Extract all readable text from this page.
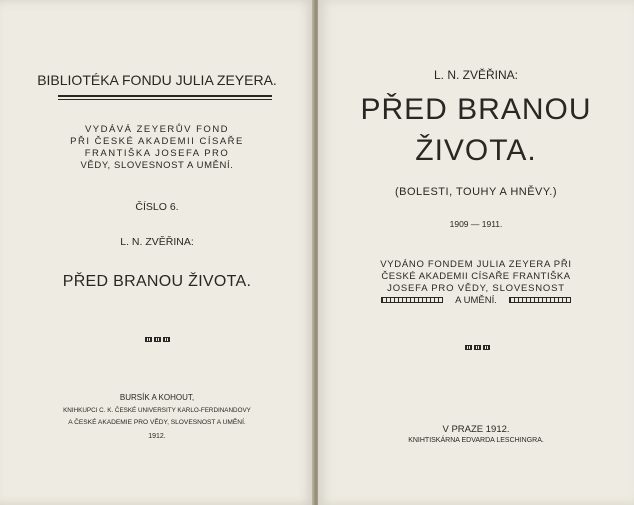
BIBLIOTÉKA FONDU JULIA ZEYERA.
VYDÁVÁ ZEYERŮV FOND
PŘI ČESKÉ AKADEMII CÍSAŘE
FRANTIŠKA JOSEFA PRO
VĚDY, SLOVESNOST A UMĚNÍ.
ČÍSLO 6.
L. N. ZVĚŘINA:
PŘED BRANOU ŽIVOTA.
BURSÍK A KOHOUT,
KNIHKUPCI C. K. ČESKÉ UNIVERSITY KARLO-FERDINANDOVY
A ČESKÉ AKADEMIE PRO VĚDY, SLOVESNOST A UMĚNÍ.
1912.
L. N. ZVĚŘINA:
PŘED BRANOU
ŽIVOTA.
(BOLESTI, TOUHY A HNĚVY.)
1909 — 1911.
VYDÁNO FONDEM JULIA ZEYERA PŘI
ČESKÉ AKADEMII CÍSAŘE FRANTIŠKA
JOSEFA PRO VĚDY, SLOVESNOST
A UMĚNÍ.
V PRAZE 1912.
KNIHTISKÁRNA EDVARDA LESCHINGRA.
